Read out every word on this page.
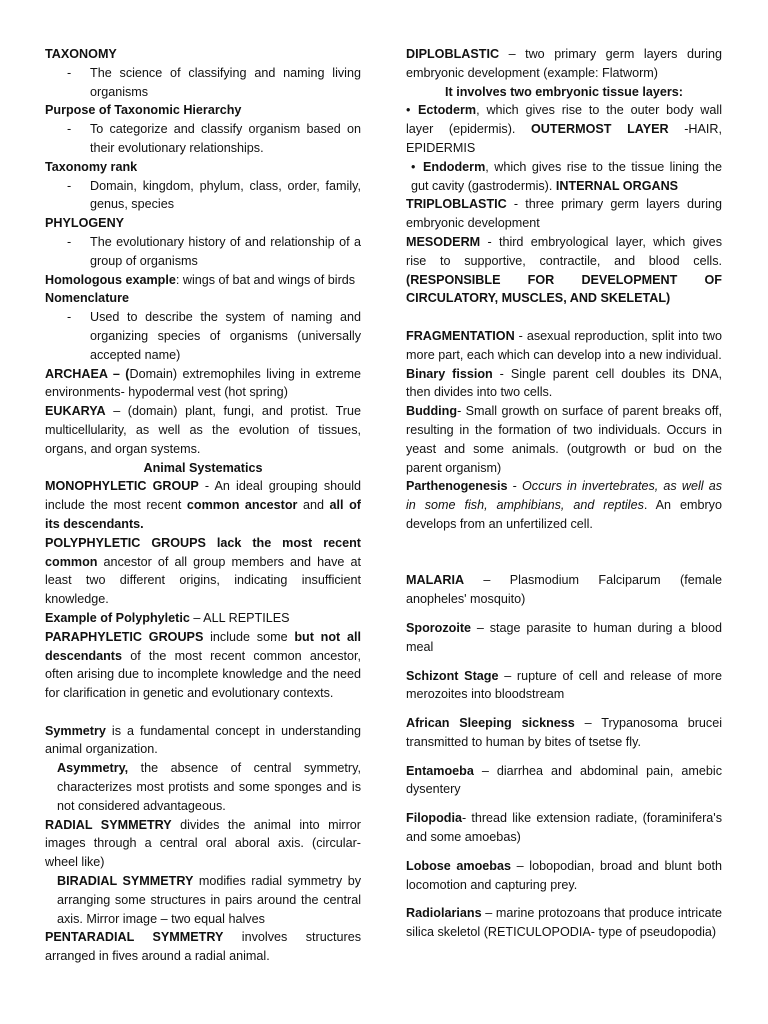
TAXONOMY

- The science of classifying and naming living organisms

Purpose of Taxonomic Hierarchy

- To categorize and classify organism based on their evolutionary relationships.

Taxonomy rank

- Domain, kingdom, phylum, class, order, family, genus, species

PHYLOGENY

- The evolutionary history of and relationship of a group of organisms

Homologous example: wings of bat and wings of birds

Nomenclature

- Used to describe the system of naming and organizing species of organisms (universally accepted name)

ARCHAEA – (Domain) extremophiles living in extreme environments- hypodermal vest (hot spring)

EUKARYA – (domain) plant, fungi, and protist. True multicellularity, as well as the evolution of tissues, organs, and organ systems.

Animal Systematics

MONOPHYLETIC GROUP - An ideal grouping should include the most recent common ancestor and all of its descendants.

POLYPHYLETIC GROUPS lack the most recent common ancestor of all group members and have at least two different origins, indicating insufficient knowledge.

Example of Polyphyletic – ALL REPTILES

PARAPHYLETIC GROUPS include some but not all descendants of the most recent common ancestor, often arising due to incomplete knowledge and the need for clarification in genetic and evolutionary contexts.

Symmetry is a fundamental concept in understanding animal organization.

Asymmetry, the absence of central symmetry, characterizes most protists and some sponges and is not considered advantageous.

RADIAL SYMMETRY divides the animal into mirror images through a central oral aboral axis. (circular-wheel like)

BIRADIAL SYMMETRY modifies radial symmetry by arranging some structures in pairs around the central axis. Mirror image – two equal halves

PENTARADIAL SYMMETRY involves structures arranged in fives around a radial animal.

DIPLOBLASTIC – two primary germ layers during embryonic development (example: Flatworm)

It involves two embryonic tissue layers:

• Ectoderm, which gives rise to the outer body wall layer (epidermis). OUTERMOST LAYER -HAIR, EPIDERMIS

• Endoderm, which gives rise to the tissue lining the gut cavity (gastrodermis). INTERNAL ORGANS

TRIPLOBLASTIC - three primary germ layers during embryonic development

MESODERM - third embryological layer, which gives rise to supportive, contractile, and blood cells. (RESPONSIBLE FOR DEVELOPMENT OF CIRCULATORY, MUSCLES, AND SKELETAL)

FRAGMENTATION - asexual reproduction, split into two more part, each which can develop into a new individual.

Binary fission - Single parent cell doubles its DNA, then divides into two cells.

Budding- Small growth on surface of parent breaks off, resulting in the formation of two individuals. Occurs in yeast and some animals. (outgrowth or bud on the parent organism)

Parthenogenesis - Occurs in invertebrates, as well as in some fish, amphibians, and reptiles. An embryo develops from an unfertilized cell.

MALARIA – Plasmodium Falciparum (female anopheles' mosquito)

Sporozoite – stage parasite to human during a blood meal

Schizont Stage – rupture of cell and release of more merozoites into bloodstream

African Sleeping sickness – Trypanosoma brucei transmitted to human by bites of tsetse fly.

Entamoeba – diarrhea and abdominal pain, amebic dysentery

Filopodia- thread like extension radiate, (foraminifera's and some amoebas)

Lobose amoebas – lobopodian, broad and blunt both locomotion and capturing prey.

Radiolarians – marine protozoans that produce intricate silica skeletol (RETICULOPODIA- type of pseudopodia)
